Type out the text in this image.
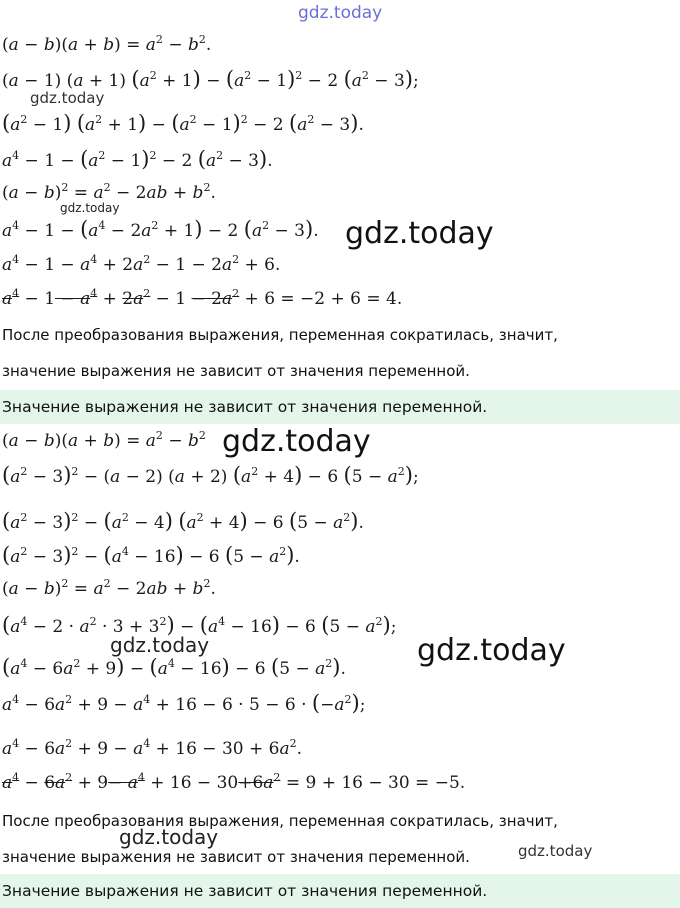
gdz.today
gdz.today
gdz.today
gdz.today
gdz.today
gdz.today	gdz.today
gdz.today
gdz.today
$(a - b)(a + b) = a^2 - b^2$.
(a − 1) (a + 1) $(a^2 + 1) - (a^2 - 1)^2 - 2$ $(a^2 - 3)$;
$(a^2 - 1) (a^2 + 1) - (a^2 - 1)^2 - 2$ $(a^2 - 3)$.
$a^4 - 1 - (a^2 - 1)^2 - 2$ $(a^2 - 3)$.
$(a - b)^2 = a^2 - 2ab + b^2$.
$a^4 - 1 - (a^4 - 2a^2 + 1) - 2$ $(a^2 - 3)$.
$a^4 - 1 - a^4 + 2a^2 - 1 - 2a^2 + 6$.
$a^4 - 1 - a^4 + 2a^2 - 1 - 2a^2 + 6 = -2 + 6 = 4$.
После преобразования выражения, переменная сократилась, значит,
значение выражения не зависит от значения переменной.
Значение выражения не зависит от значения переменной.
$(a - b)(a + b) = a^2 - b^2$
$(a^2 - 3)^2 - (a - 2) (a + 2) (a^2 + 4) - 6$ $(5 - a^2)$;
$(a^2 - 3)^2 - (a^2 - 4) (a^2 + 4) - 6$ $(5 - a^2)$.
$(a^2 - 3)^2 - (a^4 - 16) - 6$ $(5 - a^2)$.
$(a - b)^2 = a^2 - 2ab + b^2$.
$(a^4 - 2 \cdot a^2 \cdot 3 + 3^2) - (a^4 - 16) - 6$ $(5 - a^2)$;
$(a^4 - 6a^2 + 9) - (a^4 - 16) - 6$ $(5 - a^2)$.
$a^4 - 6a^2 + 9 - a^4 + 16 - 6 \cdot 5 - 6 \cdot (-a^2)$;
$a^4 - 6a^2 + 9 - a^4 + 16 - 30 + 6a^2$.
$a^4 - 6a^2 + 9- a^4 + 16 - 30+6a^2 = 9 + 16 - 30 = -5$.
После преобразования выражения, переменная сократилась, значит,
значение выражения не зависит от значения переменной.
Значение выражения не зависит от значения переменной.
